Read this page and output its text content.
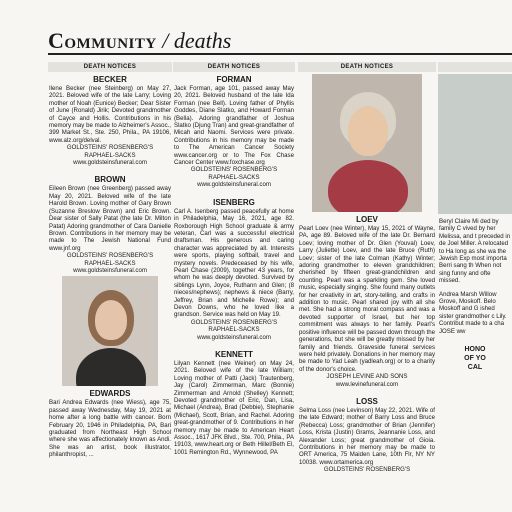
Community / deaths
DEATH NOTICES
BECKER
Ilene Becker (nee Steinberg) on May 27, 2021. Beloved wife of the late Larry; Loving mother of Noah (Eunice) Becker; Dear Sister of June (Ronald) Jirik; Devoted grandmother of Cayce and Hollis. Contributions in his memory may be made to Alzheimer's Assoc., 399 Market St., Ste. 250, Phila., PA 19106, www.alz.org/delval.
GOLDSTEINS' ROSENBERG'S
RAPHAEL-SACKS
www.goldsteinsfuneral.com
BROWN
Eileen Brown (nee Greenberg) passed away May 20, 2021. Beloved wife of the late Harold Brown. Loving mother of Gary Brown (Suzanne Breslow Brown) and Eric Brown. Dear sister of Sally Patat (the late Dr. Milton Patat) Adoring grandmother of Cara Danielle Brown. Contributions in her memory may be made to The Jewish National Fund www.jnf.org
GOLDSTEINS' ROSENBERG'S
RAPHAEL-SACKS
www.goldsteinsfuneral.com
EDWARDS
Bari Andrea Edwards (nee Wiess), age 75, passed away Wednesday, May 19, 2021 at home after a long battle with cancer. Born February 20, 1946 in Philadelphia, PA, Bari graduated from Northeast High School where she was affectionately known as Andi. She was an artist, book illustrator, philanthropist, ...
DEATH NOTICES
FORMAN
Jack Forman, age 101, passed away May 20, 2021. Beloved husband of the late Ida Forman (nee Bell). Loving father of Phyllis Goddes, Diane Slatko, and Howard Forman (Bella). Adoring grandfather of Joshua Slatko (Djung Tran) and great-grandfather of Micah and Naomi. Services were private. Contributions in his memory may be made to The American Cancer Society www.cancer.org or to The Fox Chase Cancer Center www.foxchase.org
GOLDSTEINS' ROSENBERG'S
RAPHAEL-SACKS
www.goldsteinsfuneral.com
ISENBERG
Carl A. Isenberg passed peacefully at home in Philadelphia, May 16, 2021, age 82. Roxborough High School graduate & army veteran, Carl was a successful electrical draftsman. His generous and caring character was appreciated by all. Interests were sports, playing softball, travel and mystery novels. Predeceased by his wife, Pearl Chase (2009), together 43 years, for whom he was deeply devoted. Survived by siblings Lynn, Joyce, Ruthann and Glen; (8 nieces/nephews); nephews & niece (Barry, Jeffrey, Brian and Michelle Rowe); and Devon Downs, who he loved like a grandson. Service was held on May 19.
GOLDSTEINS' ROSENBERG'S
RAPHAEL-SACKS
www.goldsteinsfuneral.com
KENNETT
Lilyan Kennett (nee Weiner) on May 24, 2021. Beloved wife of the late William; Loving mother of Patti (Jack) Trautenberg, Jay (Carol) Zimmerman, Marc (Bonnie) Zimmerman and Arnold (Shelley) Kennett; Devoted grandmother of Eric, Dan, Lisa, Michael (Andrea), Brad (Debbie), Stephanie (Michael), Scott, Brian, and Rachel. Adoring great-grandmother of 9. Contributions in her memory may be made to American Heart Assoc., 1617 JFK Blvd., Ste. 700, Phila., PA 19103, www.heart.org or Beth Hillel/Beth El, 1001 Remington Rd., Wynnewood, PA
DEATH NOTICES
LOEV
Pearl Loev (nee Winter), May 15, 2021 of Wayne, PA, age 89. Beloved wife of the late Dr. Bernard Loev; loving mother of Dr. Glen (Youval) Loev, Larry (Juliette) Loev, and the late Bruce (Ruth) Loev; sister of the late Colman (Kathy) Winter; adoring grandmother to eleven grandchildren; cherished by fifteen great-grandchildren and counting. Pearl was a sparkling gem. She loved music, especially singing. She found many outlets for her creativity in art, story-telling, and crafts in addition to music. Pearl shared joy with all she met. She had a strong moral compass and was a devoted supporter of Israel, but her top commitment was always to her family. Pearl's positive influence will be passed down through the generations, but she will be greatly missed by her family and friends. Graveside funeral services were held privately. Donations in her memory may be made to Yad Leah (yadleah.org) or to a charity of the donor's choice.
JOSEPH LEVINE AND SONS
www.levinefuneral.com
LOSS
Selma Loss (nee Levinson) May 22, 2021. Wife of the late Edward; mother of Barry Loss and Bruce (Rebecca) Loss; grandmother of Brian (Jennifer) Loss, Krista (Justin) Grams, Jeannanie Loss, and Alexander Loss; great grandmother of Gioia. Contributions in her memory may be made to ORT America, 75 Maiden Lane, 10th Flr, NY NY 10038. www.ortamerica.org
GOLDSTEINS' ROSENBERG'S

Beryl Claire Mi ded by family C vived by her Melissa, and t preceded in de Joel Miller. A relocated to Ha long as she wa the Jewish Exp most importa Berri sang th When not sing funny and ofte missed.
Andrea Marsh Willow Grove, Moskoff. Belo Moskoff and G ished sister grandmother c Lily. Contribut made to a cha JOSE ww
HONO
OF YO
CAL
